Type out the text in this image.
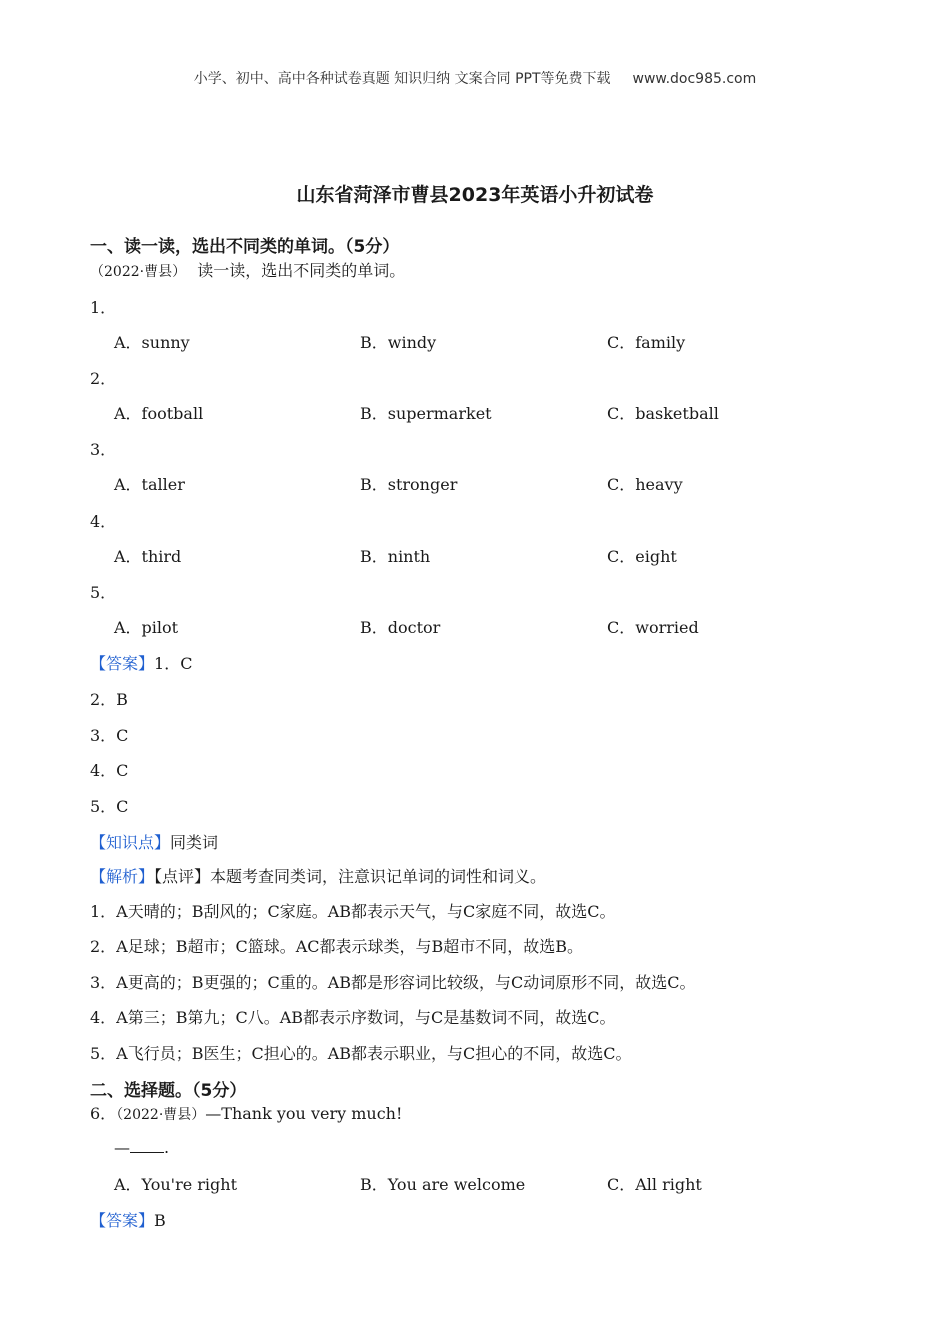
小学、初中、高中各种试卷真题 知识归纳 文案合同 PPT等免费下载 www.doc985.com
山东省菏泽市曹县2023年英语小升初试卷
一、读一读，选出不同类的单词。（5分）
（2022·曹县） 读一读，选出不同类的单词。
1．
A．sunny	B．windy	C．family
2．
A．football	B．supermarket	C．basketball
3．
A．taller	B．stronger	C．heavy
4．
A．third	B．ninth	C．eight
5．
A．pilot	B．doctor	C．worried
【答案】1．C
2．B
3．C
4．C
5．C
【知识点】同类词
【解析】【点评】本题考查同类词，注意识记单词的词性和词义。
1．A天晴的；B刮风的；C家庭。AB都表示天气，与C家庭不同，故选C。
2．A足球；B超市；C篮球。AC都表示球类，与B超市不同，故选B。
3．A更高的；B更强的；C重的。AB都是形容词比较级，与C动词原形不同，故选C。
4．A第三；B第九；C八。AB都表示序数词，与C是基数词不同，故选C。
5．A飞行员；B医生；C担心的。AB都表示职业，与C担心的不同，故选C。
二、选择题。（5分）
6．（2022·曹县）—Thank you very much!
— .
A．You're right	B．You are welcome	C．All right
【答案】B
